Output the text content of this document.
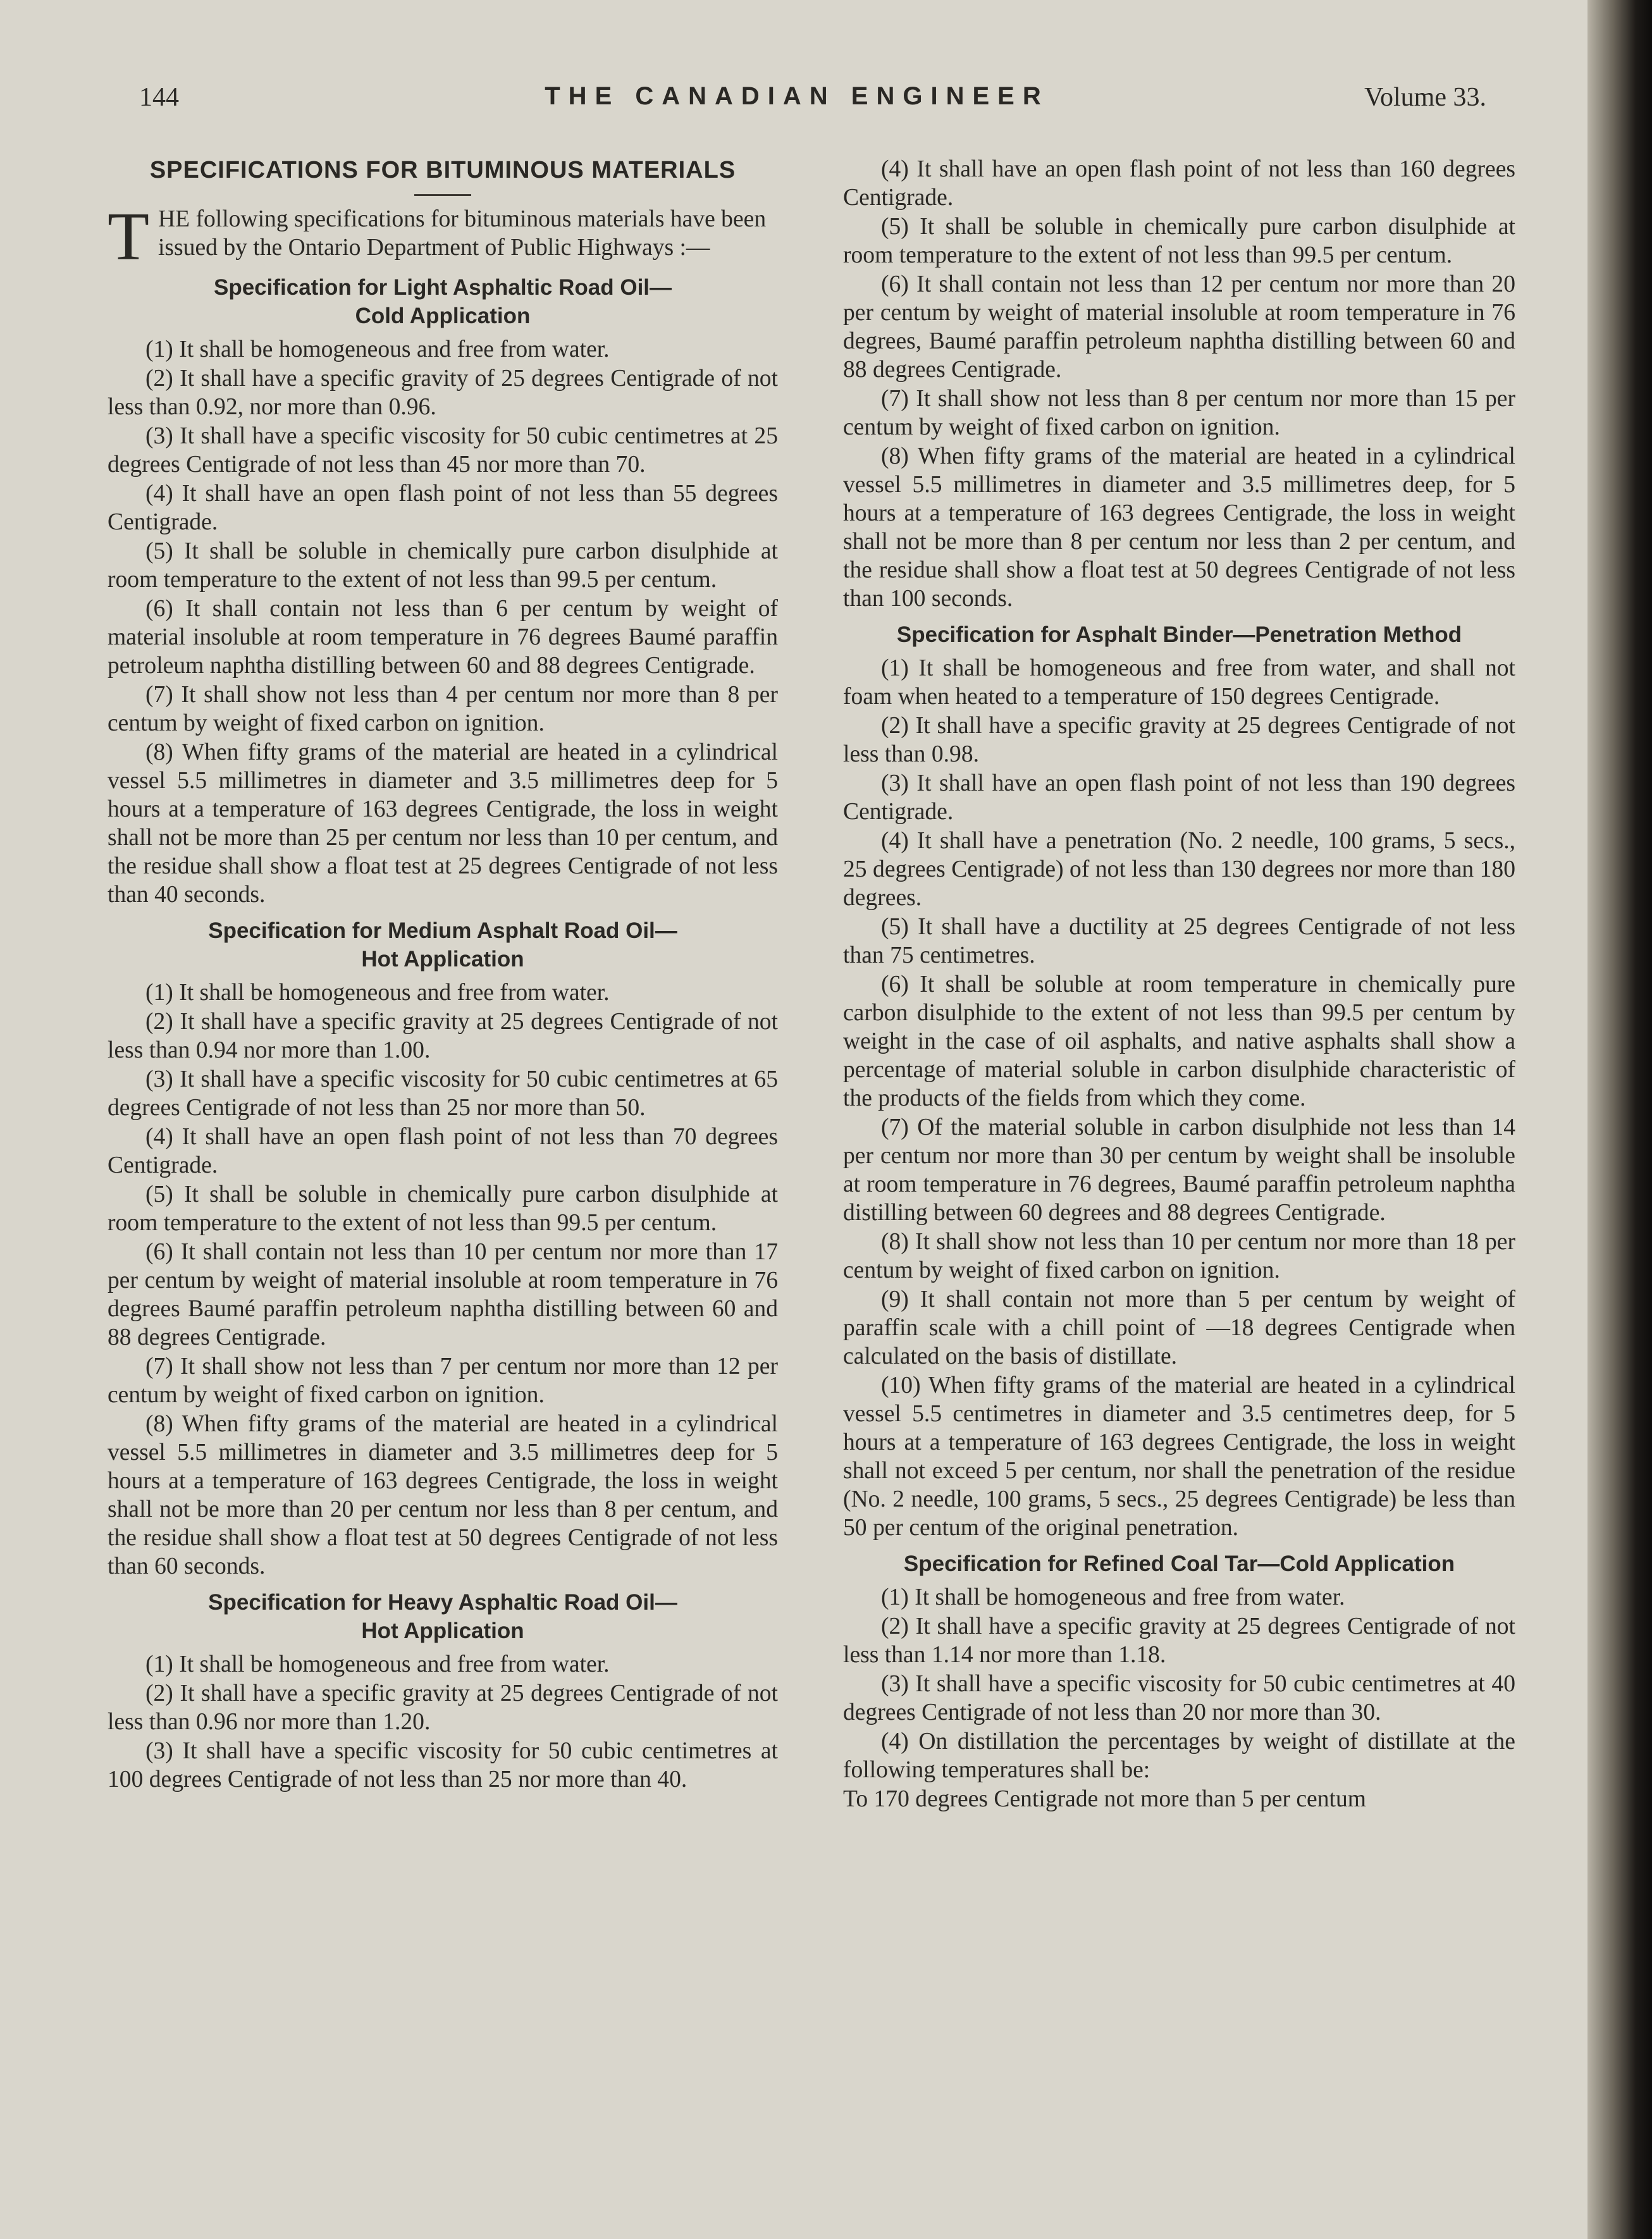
144	THE CANADIAN ENGINEER	Volume 33.
SPECIFICATIONS FOR BITUMINOUS MATERIALS
T HE following specifications for bituminous materials have been issued by the Ontario Department of Public Highways :—
Specification for Light Asphaltic Road Oil—
Cold Application

(1) It shall be homogeneous and free from water.

(2) It shall have a specific gravity of 25 degrees Centigrade of not less than 0.92, nor more than 0.96.

(3) It shall have a specific viscosity for 50 cubic centimetres at 25 degrees Centigrade of not less than 45 nor more than 70.

(4) It shall have an open flash point of not less than 55 degrees Centigrade.

(5) It shall be soluble in chemically pure carbon disulphide at room temperature to the extent of not less than 99.5 per centum.

(6) It shall contain not less than 6 per centum by weight of material insoluble at room temperature in 76 degrees Baumé paraffin petroleum naphtha distilling between 60 and 88 degrees Centigrade.

(7) It shall show not less than 4 per centum nor more than 8 per centum by weight of fixed carbon on ignition.

(8) When fifty grams of the material are heated in a cylindrical vessel 5.5 millimetres in diameter and 3.5 millimetres deep for 5 hours at a temperature of 163 degrees Centigrade, the loss in weight shall not be more than 25 per centum nor less than 10 per centum, and the residue shall show a float test at 25 degrees Centigrade of not less than 40 seconds.

Specification for Medium Asphalt Road Oil—
Hot Application

(1) It shall be homogeneous and free from water.

(2) It shall have a specific gravity at 25 degrees Centigrade of not less than 0.94 nor more than 1.00.

(3) It shall have a specific viscosity for 50 cubic centimetres at 65 degrees Centigrade of not less than 25 nor more than 50.

(4) It shall have an open flash point of not less than 70 degrees Centigrade.

(5) It shall be soluble in chemically pure carbon disulphide at room temperature to the extent of not less than 99.5 per centum.

(6) It shall contain not less than 10 per centum nor more than 17 per centum by weight of material insoluble at room temperature in 76 degrees Baumé paraffin petroleum naphtha distilling between 60 and 88 degrees Centigrade.

(7) It shall show not less than 7 per centum nor more than 12 per centum by weight of fixed carbon on ignition.

(8) When fifty grams of the material are heated in a cylindrical vessel 5.5 millimetres in diameter and 3.5 millimetres deep for 5 hours at a temperature of 163 degrees Centigrade, the loss in weight shall not be more than 20 per centum nor less than 8 per centum, and the residue shall show a float test at 50 degrees Centigrade of not less than 60 seconds.

Specification for Heavy Asphaltic Road Oil—
Hot Application

(1) It shall be homogeneous and free from water.

(2) It shall have a specific gravity at 25 degrees Centigrade of not less than 0.96 nor more than 1.20.

(3) It shall have a specific viscosity for 50 cubic centimetres at 100 degrees Centigrade of not less than 25 nor more than 40.

(4) It shall have an open flash point of not less than 160 degrees Centigrade.

(5) It shall be soluble in chemically pure carbon disulphide at room temperature to the extent of not less than 99.5 per centum.

(6) It shall contain not less than 12 per centum nor more than 20 per centum by weight of material insoluble at room temperature in 76 degrees, Baumé paraffin petroleum naphtha distilling between 60 and 88 degrees Centigrade.

(7) It shall show not less than 8 per centum nor more than 15 per centum by weight of fixed carbon on ignition.

(8) When fifty grams of the material are heated in a cylindrical vessel 5.5 millimetres in diameter and 3.5 millimetres deep, for 5 hours at a temperature of 163 degrees Centigrade, the loss in weight shall not be more than 8 per centum nor less than 2 per centum, and the residue shall show a float test at 50 degrees Centigrade of not less than 100 seconds.

Specification for Asphalt Binder—Penetration Method

(1) It shall be homogeneous and free from water, and shall not foam when heated to a temperature of 150 degrees Centigrade.

(2) It shall have a specific gravity at 25 degrees Centigrade of not less than 0.98.

(3) It shall have an open flash point of not less than 190 degrees Centigrade.

(4) It shall have a penetration (No. 2 needle, 100 grams, 5 secs., 25 degrees Centigrade) of not less than 130 degrees nor more than 180 degrees.

(5) It shall have a ductility at 25 degrees Centigrade of not less than 75 centimetres.

(6) It shall be soluble at room temperature in chemically pure carbon disulphide to the extent of not less than 99.5 per centum by weight in the case of oil asphalts, and native asphalts shall show a percentage of material soluble in carbon disulphide characteristic of the products of the fields from which they come.

(7) Of the material soluble in carbon disulphide not less than 14 per centum nor more than 30 per centum by weight shall be insoluble at room temperature in 76 degrees, Baumé paraffin petroleum naphtha distilling between 60 degrees and 88 degrees Centigrade.

(8) It shall show not less than 10 per centum nor more than 18 per centum by weight of fixed carbon on ignition.

(9) It shall contain not more than 5 per centum by weight of paraffin scale with a chill point of —18 degrees Centigrade when calculated on the basis of distillate.

(10) When fifty grams of the material are heated in a cylindrical vessel 5.5 centimetres in diameter and 3.5 centimetres deep, for 5 hours at a temperature of 163 degrees Centigrade, the loss in weight shall not exceed 5 per centum, nor shall the penetration of the residue (No. 2 needle, 100 grams, 5 secs., 25 degrees Centigrade) be less than 50 per centum of the original penetration.

Specification for Refined Coal Tar—Cold Application

(1) It shall be homogeneous and free from water.

(2) It shall have a specific gravity at 25 degrees Centigrade of not less than 1.14 nor more than 1.18.

(3) It shall have a specific viscosity for 50 cubic centimetres at 40 degrees Centigrade of not less than 20 nor more than 30.

(4) On distillation the percentages by weight of distillate at the following temperatures shall be:

To 170 degrees Centigrade not more than 5 per centum
